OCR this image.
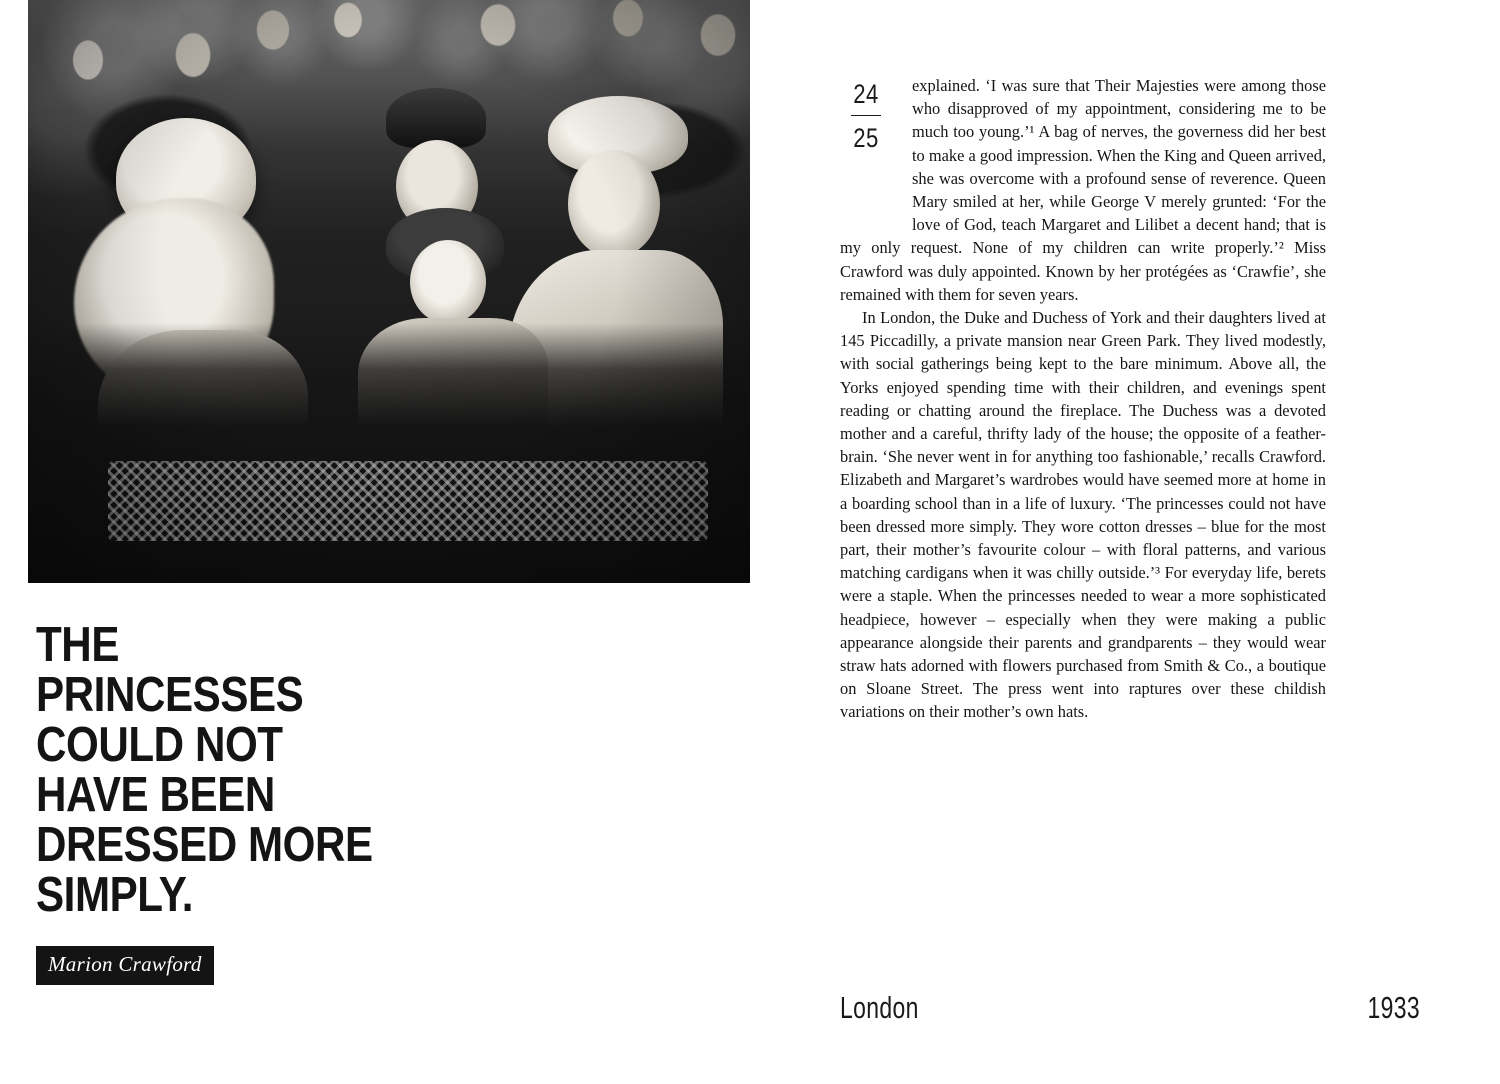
THE PRINCESSES COULD NOT HAVE BEEN DRESSED MORE SIMPLY.

Marion Crawford
24
25

explained. ‘I was sure that Their Majesties were among those who disapproved of my appointment, considering me to be much too young.’¹ A bag of nerves, the governess did her best to make a good impression. When the King and Queen arrived, she was overcome with a profound sense of reverence. Queen Mary smiled at her, while George V merely grunted: ‘For the love of God, teach Margaret and Lilibet a decent hand; that is my only request. None of my children can write properly.’² Miss Crawford was duly appointed. Known by her protégées as ‘Crawfie’, she remained with them for seven years.

In London, the Duke and Duchess of York and their daughters lived at 145 Piccadilly, a private mansion near Green Park. They lived modestly, with social gatherings being kept to the bare minimum. Above all, the Yorks enjoyed spending time with their children, and evenings spent reading or chatting around the fireplace. The Duchess was a devoted mother and a careful, thrifty lady of the house; the opposite of a feather-brain. ‘She never went in for anything too fashionable,’ recalls Crawford. Elizabeth and Margaret’s wardrobes would have seemed more at home in a boarding school than in a life of luxury. ‘The princesses could not have been dressed more simply. They wore cotton dresses – blue for the most part, their mother’s favourite colour – with floral patterns, and various matching cardigans when it was chilly outside.’³ For everyday life, berets were a staple. When the princesses needed to wear a more sophisticated headpiece, however – especially when they were making a public appearance alongside their parents and grandparents – they would wear straw hats adorned with flowers purchased from Smith & Co., a boutique on Sloane Street. The press went into raptures over these childish variations on their mother’s own hats.

London	1933
